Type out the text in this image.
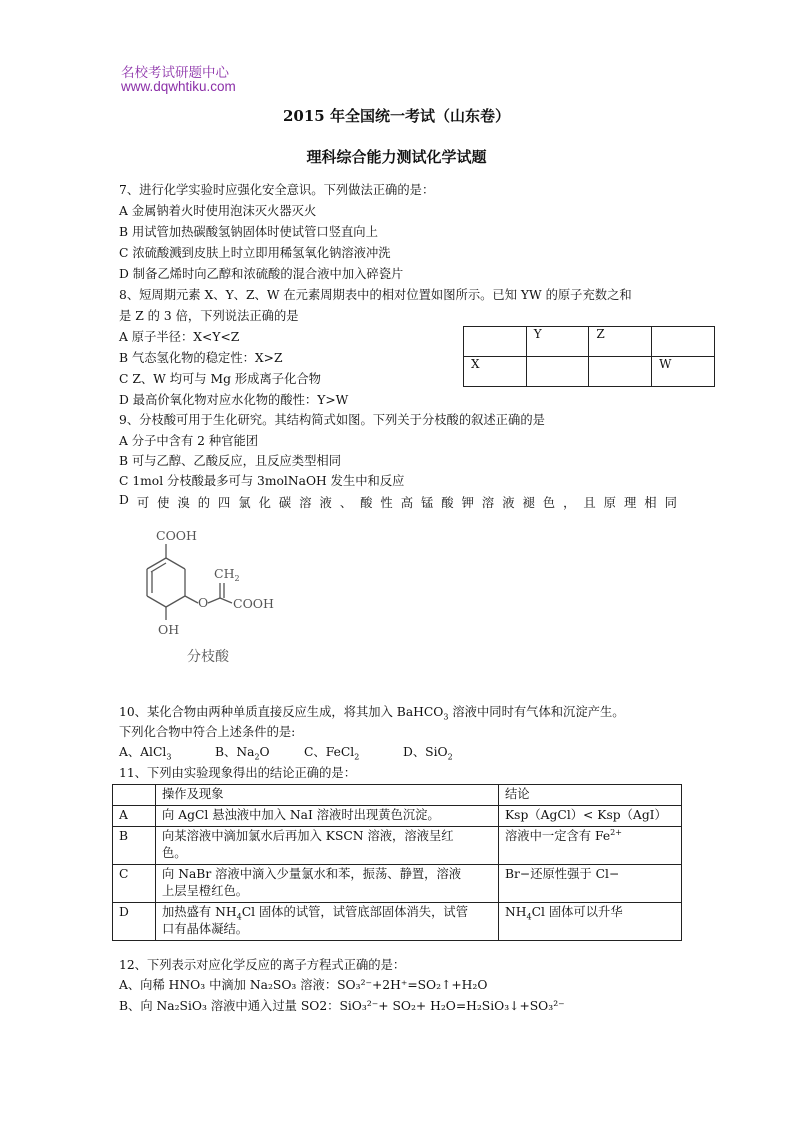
名校考试研题中心
www.dqwhtiku.com
2015 年全国统一考试（山东卷）
理科综合能力测试化学试题
7、进行化学实验时应强化安全意识。下列做法正确的是：
A 金属钠着火时使用泡沫灭火器灭火
B 用试管加热碳酸氢钠固体时使试管口竖直向上
C 浓硫酸溅到皮肤上时立即用稀氢氧化钠溶液冲洗
D 制备乙烯时向乙醇和浓硫酸的混合液中加入碎瓷片
8、短周期元素 X、Y、Z、W 在元素周期表中的相对位置如图所示。已知 YW 的原子充数之和
是 Z 的 3 倍，下列说法正确的是
A 原子半径：X<Y<Z
B 气态氢化物的稳定性：X>Z
C Z、W 均可与 Mg 形成离子化合物
D 最高价氧化物对应水化物的酸性：Y>W
	Y	Z	
X			W
9、分枝酸可用于生化研究。其结构简式如图。下列关于分枝酸的叙述正确的是
A 分子中含有 2 种官能团
B 可与乙醇、乙酸反应，且反应类型相同
C 1mol 分枝酸最多可与 3molNaOH 发生中和反应
D 可 使 溴 的 四 氯 化 碳 溶 液 、 酸 性 高 锰 酸 钾 溶 液 褪 色 ， 且 原 理 相 同
COOH
$CH_2$
O COOH
OH
分枝酸
10、某化合物由两种单质直接反应生成，将其加入 BaHCO$_3$ 溶液中同时有气体和沉淀产生。
下列化合物中符合上述条件的是:
A、AlCl$_3$	B、$Na_2O$	C、FeCl$_2$	D、SiO$_2$
11、下列由实验现象得出的结论正确的是：
	操作及现象	结论
A	向 AgCl 悬浊液中加入 NaI 溶液时出现黄色沉淀。	Ksp（AgCl）< Ksp（AgI）
B	向某溶液中滴加氯水后再加入 KSCN 溶液，溶液呈红
色。	溶液中一定含有 $Fe^{2+}$
C	向 NaBr 溶液中滴入少量氯水和苯，振荡、静置，溶液
上层呈橙红色。	Br−还原性强于 Cl−
D	加热盛有 $NH_4Cl$ 固体的试管，试管底部固体消失，试管
口有晶体凝结。	$NH_4Cl$ 固体可以升华
12、下列表示对应化学反应的离子方程式正确的是：
A、向稀 HNO₃ 中滴加 Na₂SO₃ 溶液：SO₃²⁻+2H⁺=SO₂↑+H₂O
B、向 Na₂SiO₃ 溶液中通入过量 SO2：SiO₃²⁻+ SO₂+ H₂O=H₂SiO₃↓+SO₃²⁻
